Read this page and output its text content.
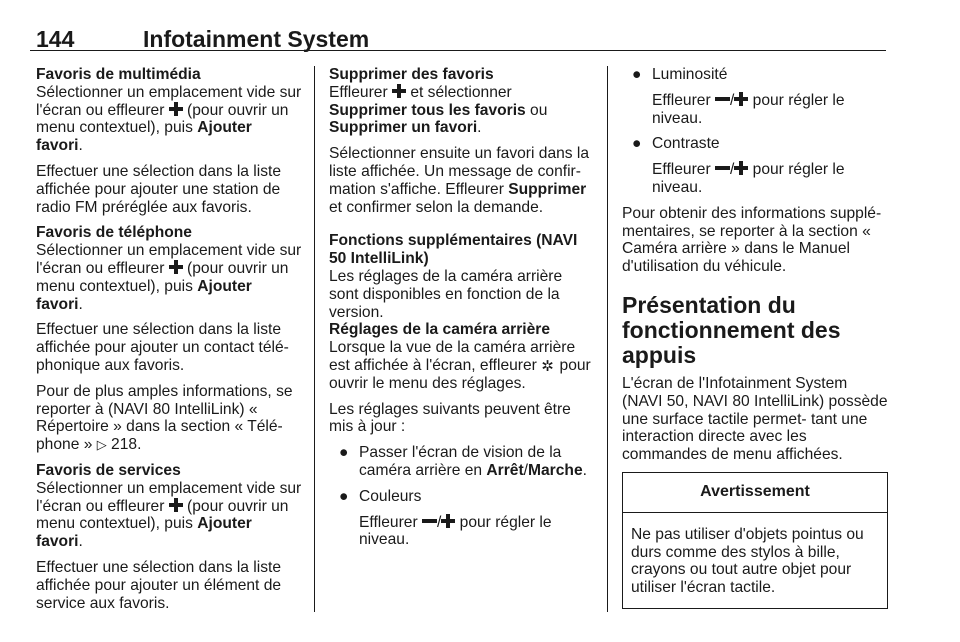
144	Infotainment System
Favoris de multimédia
Sélectionner un emplacement vide sur l'écran ou effleurer  (pour ouvrir un menu contextuel), puis Ajouter favori.
Effectuer une sélection dans la liste affichée pour ajouter une station de radio FM préréglée aux favoris.
Favoris de téléphone
Sélectionner un emplacement vide sur l'écran ou effleurer  (pour ouvrir un menu contextuel), puis Ajouter favori.
Effectuer une sélection dans la liste affichée pour ajouter un contact télé‑ phonique aux favoris.
Pour de plus amples informations, se reporter à (NAVI 80 IntelliLink) « Répertoire » dans la section « Télé‑ phone » ▷ 218.
Favoris de services
Sélectionner un emplacement vide sur l'écran ou effleurer  (pour ouvrir un menu contextuel), puis Ajouter favori.
Effectuer une sélection dans la liste affichée pour ajouter un élément de service aux favoris.
Supprimer des favoris
Effleurer  et sélectionner Supprimer tous les favoris ou Supprimer un favori.
Sélectionner ensuite un favori dans la liste affichée. Un message de confir‑ mation s'affiche. Effleurer Supprimer et confirmer selon la demande.
Fonctions supplémentaires (NAVI 50 IntelliLink)
Les réglages de la caméra arrière sont disponibles en fonction de la version.
Réglages de la caméra arrière
Lorsque la vue de la caméra arrière est affichée à l'écran, effleurer ✲ pour ouvrir le menu des réglages.
Les réglages suivants peuvent être mis à jour :
● Passer l'écran de vision de la caméra arrière en Arrêt/Marche.
● Couleurs
Effleurer / pour régler le niveau.
● Luminosité
Effleurer / pour régler le niveau.
● Contraste
Effleurer / pour régler le niveau.
Pour obtenir des informations supplé‑ mentaires, se reporter à la section « Caméra arrière » dans le Manuel d'utilisation du véhicule.
Présentation du fonctionnement des appuis
L'écran de l'Infotainment System (NAVI 50, NAVI 80 IntelliLink) possède une surface tactile permet‑ tant une interaction directe avec les commandes de menu affichées.
Avertissement
Ne pas utiliser d'objets pointus ou durs comme des stylos à bille, crayons ou tout autre objet pour utiliser l'écran tactile.
